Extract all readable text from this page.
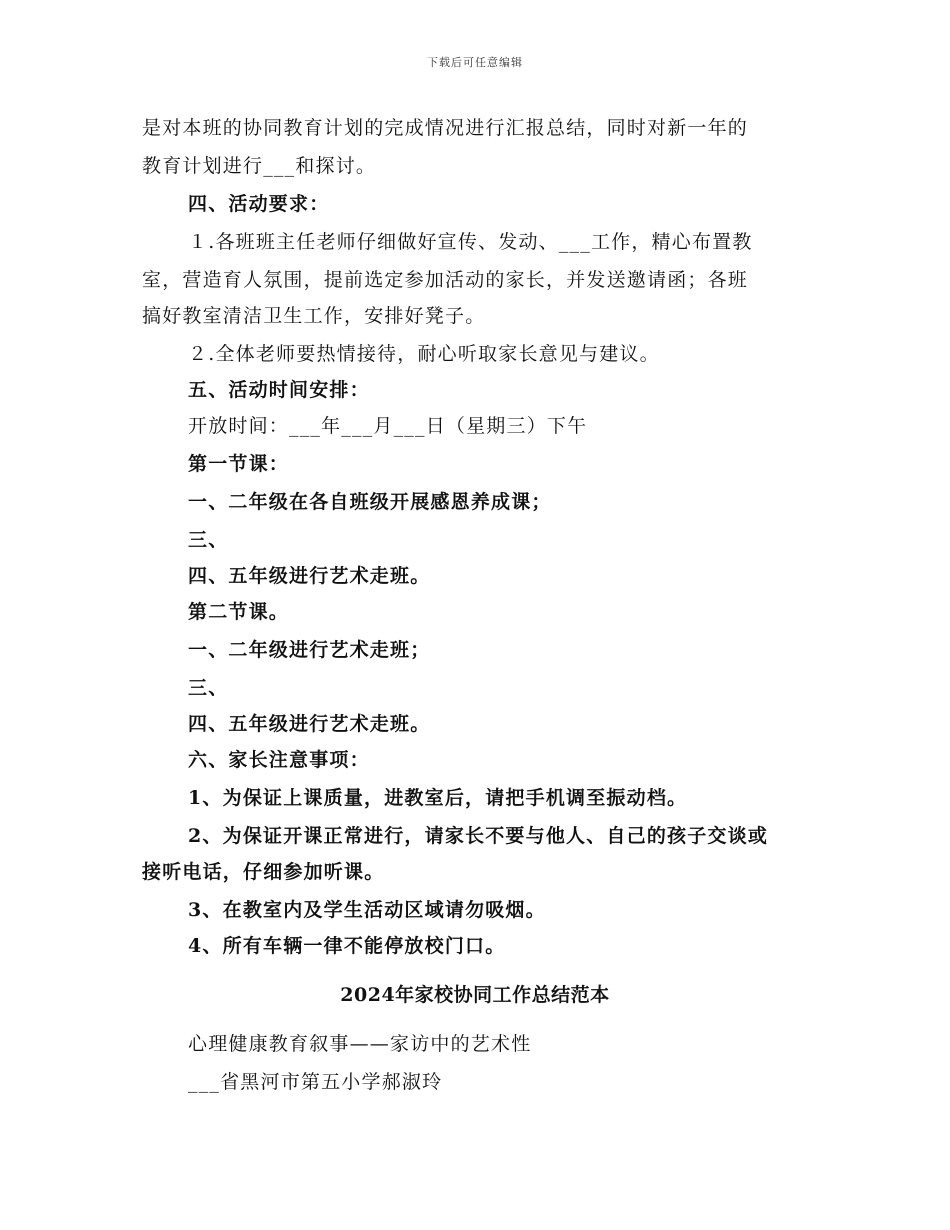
下载后可任意编辑
是对本班的协同教育计划的完成情况进行汇报总结，同时对新一年的
教育计划进行___和探讨。
四、活动要求：
１.各班班主任老师仔细做好宣传、发动、___工作，精心布置教
室，营造育人氛围，提前选定参加活动的家长，并发送邀请函；各班
搞好教室清洁卫生工作，安排好凳子。
２.全体老师要热情接待，耐心听取家长意见与建议。
五、活动时间安排：
开放时间：___年___月___日（星期三）下午
第一节课：
一、二年级在各自班级开展感恩养成课；
三、
四、五年级进行艺术走班。
第二节课。
一、二年级进行艺术走班；
三、
四、五年级进行艺术走班。
六、家长注意事项：
1、为保证上课质量，进教室后，请把手机调至振动档。
2、为保证开课正常进行，请家长不要与他人、自己的孩子交谈或
接听电话，仔细参加听课。
3、在教室内及学生活动区域请勿吸烟。
4、所有车辆一律不能停放校门口。
2024年家校协同工作总结范本
心理健康教育叙事——家访中的艺术性
___省黑河市第五小学郝淑玲
